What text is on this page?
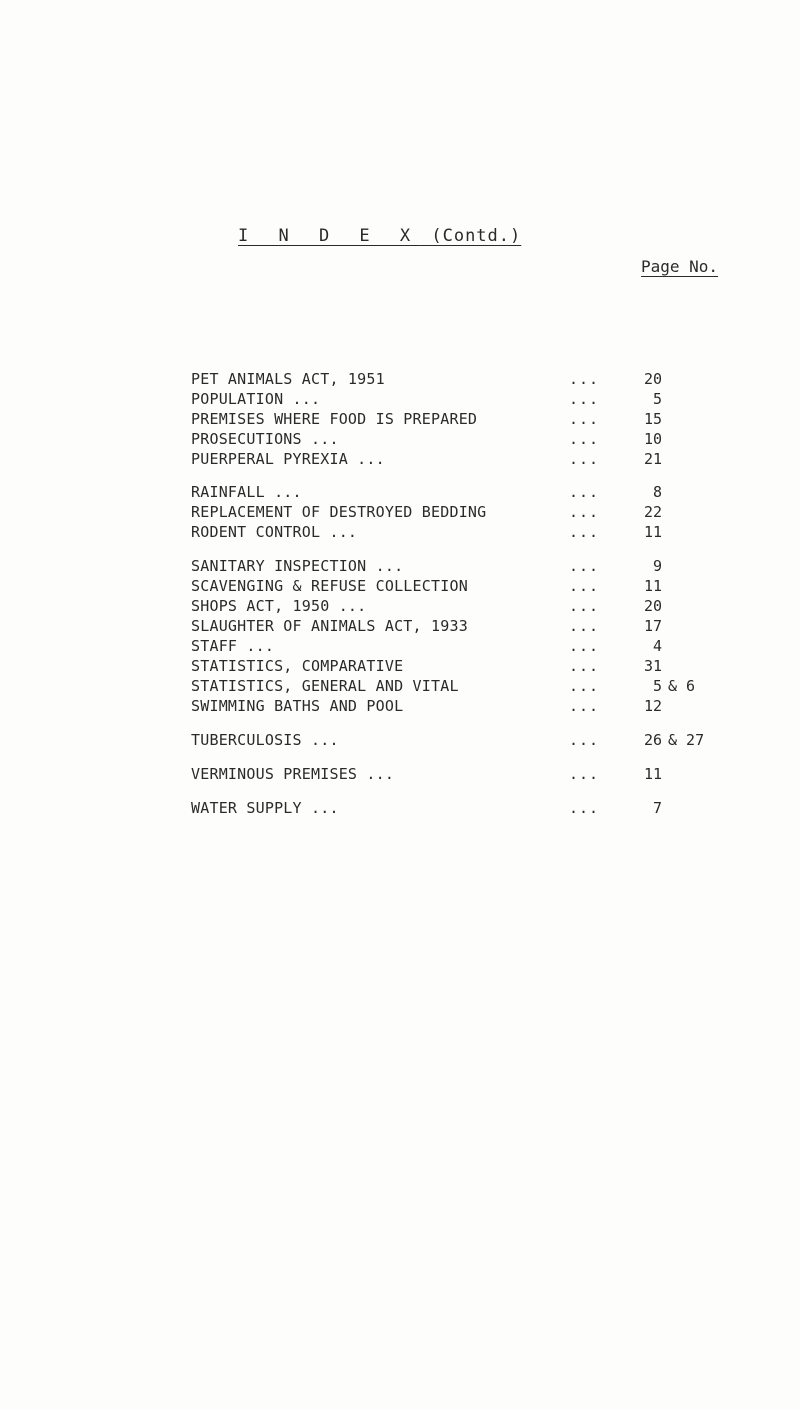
I N D E X (Contd.)
Page No.
PET ANIMALS ACT, 1951	...	20
POPULATION ...	...	5
PREMISES WHERE FOOD IS PREPARED	...	15
PROSECUTIONS ...	...	10
PUERPERAL PYREXIA ...	...	21
RAINFALL ...	...	8
REPLACEMENT OF DESTROYED BEDDING	...	22
RODENT CONTROL ...	...	11
SANITARY INSPECTION ...	...	9
SCAVENGING & REFUSE COLLECTION	...	11
SHOPS ACT, 1950 ...	...	20
SLAUGHTER OF ANIMALS ACT, 1933	...	17
STAFF ...	...	4
STATISTICS, COMPARATIVE	...	31
STATISTICS, GENERAL AND VITAL	...	5 & 6
SWIMMING BATHS AND POOL	...	12
TUBERCULOSIS ...	...	26 & 27
VERMINOUS PREMISES ...	...	11
WATER SUPPLY ...	...	7
